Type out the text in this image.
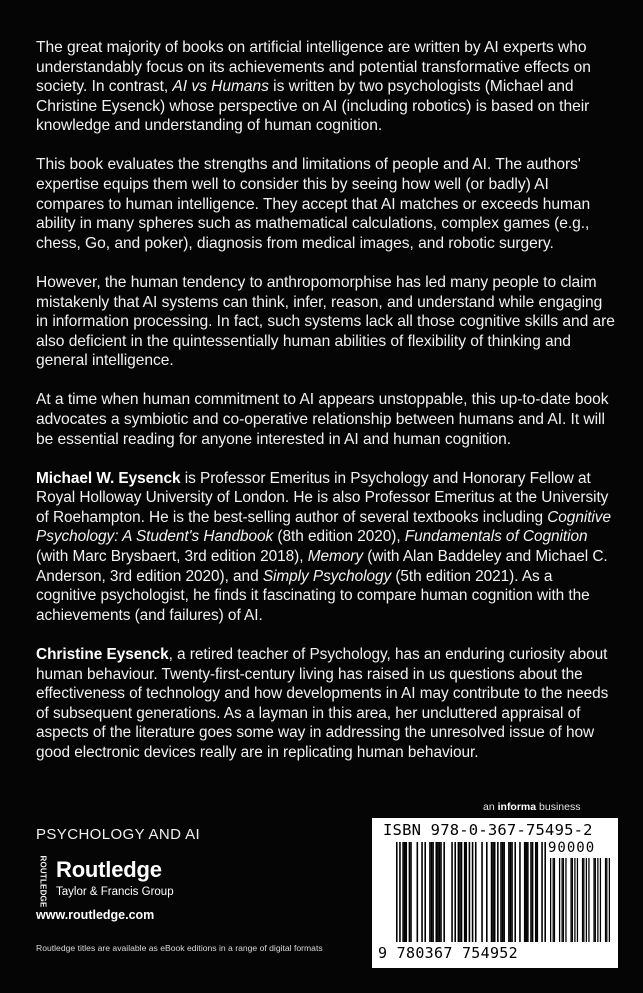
The great majority of books on artificial intelligence are written by AI experts who understandably focus on its achievements and potential transformative effects on society. In contrast, AI vs Humans is written by two psychologists (Michael and Christine Eysenck) whose perspective on AI (including robotics) is based on their knowledge and understanding of human cognition.

This book evaluates the strengths and limitations of people and AI. The authors' expertise equips them well to consider this by seeing how well (or badly) AI compares to human intelligence. They accept that AI matches or exceeds human ability in many spheres such as mathematical calculations, complex games (e.g., chess, Go, and poker), diagnosis from medical images, and robotic surgery.

However, the human tendency to anthropomorphise has led many people to claim mistakenly that AI systems can think, infer, reason, and understand while engaging in information processing. In fact, such systems lack all those cognitive skills and are also deficient in the quintessentially human abilities of flexibility of thinking and general intelligence.

At a time when human commitment to AI appears unstoppable, this up-to-date book advocates a symbiotic and co-operative relationship between humans and AI. It will be essential reading for anyone interested in AI and human cognition.

Michael W. Eysenck is Professor Emeritus in Psychology and Honorary Fellow at Royal Holloway University of London. He is also Professor Emeritus at the University of Roehampton. He is the best-selling author of several textbooks including Cognitive Psychology: A Student's Handbook (8th edition 2020), Fundamentals of Cognition (with Marc Brysbaert, 3rd edition 2018), Memory (with Alan Baddeley and Michael C. Anderson, 3rd edition 2020), and Simply Psychology (5th edition 2021). As a cognitive psychologist, he finds it fascinating to compare human cognition with the achievements (and failures) of AI.

Christine Eysenck, a retired teacher of Psychology, has an enduring curiosity about human behaviour. Twenty-first-century living has raised in us questions about the effectiveness of technology and how developments in AI may contribute to the needs of subsequent generations. As a layman in this area, her uncluttered appraisal of aspects of the literature goes some way in addressing the unresolved issue of how good electronic devices really are in replicating human behaviour.

an informa business
PSYCHOLOGY AND AI
ROUTLEDGE Routledge
Taylor & Francis Group
www.routledge.com
Routledge titles are available as eBook editions in a range of digital formats
ISBN 978-0-367-75495-2
90000
9 780367 754952
